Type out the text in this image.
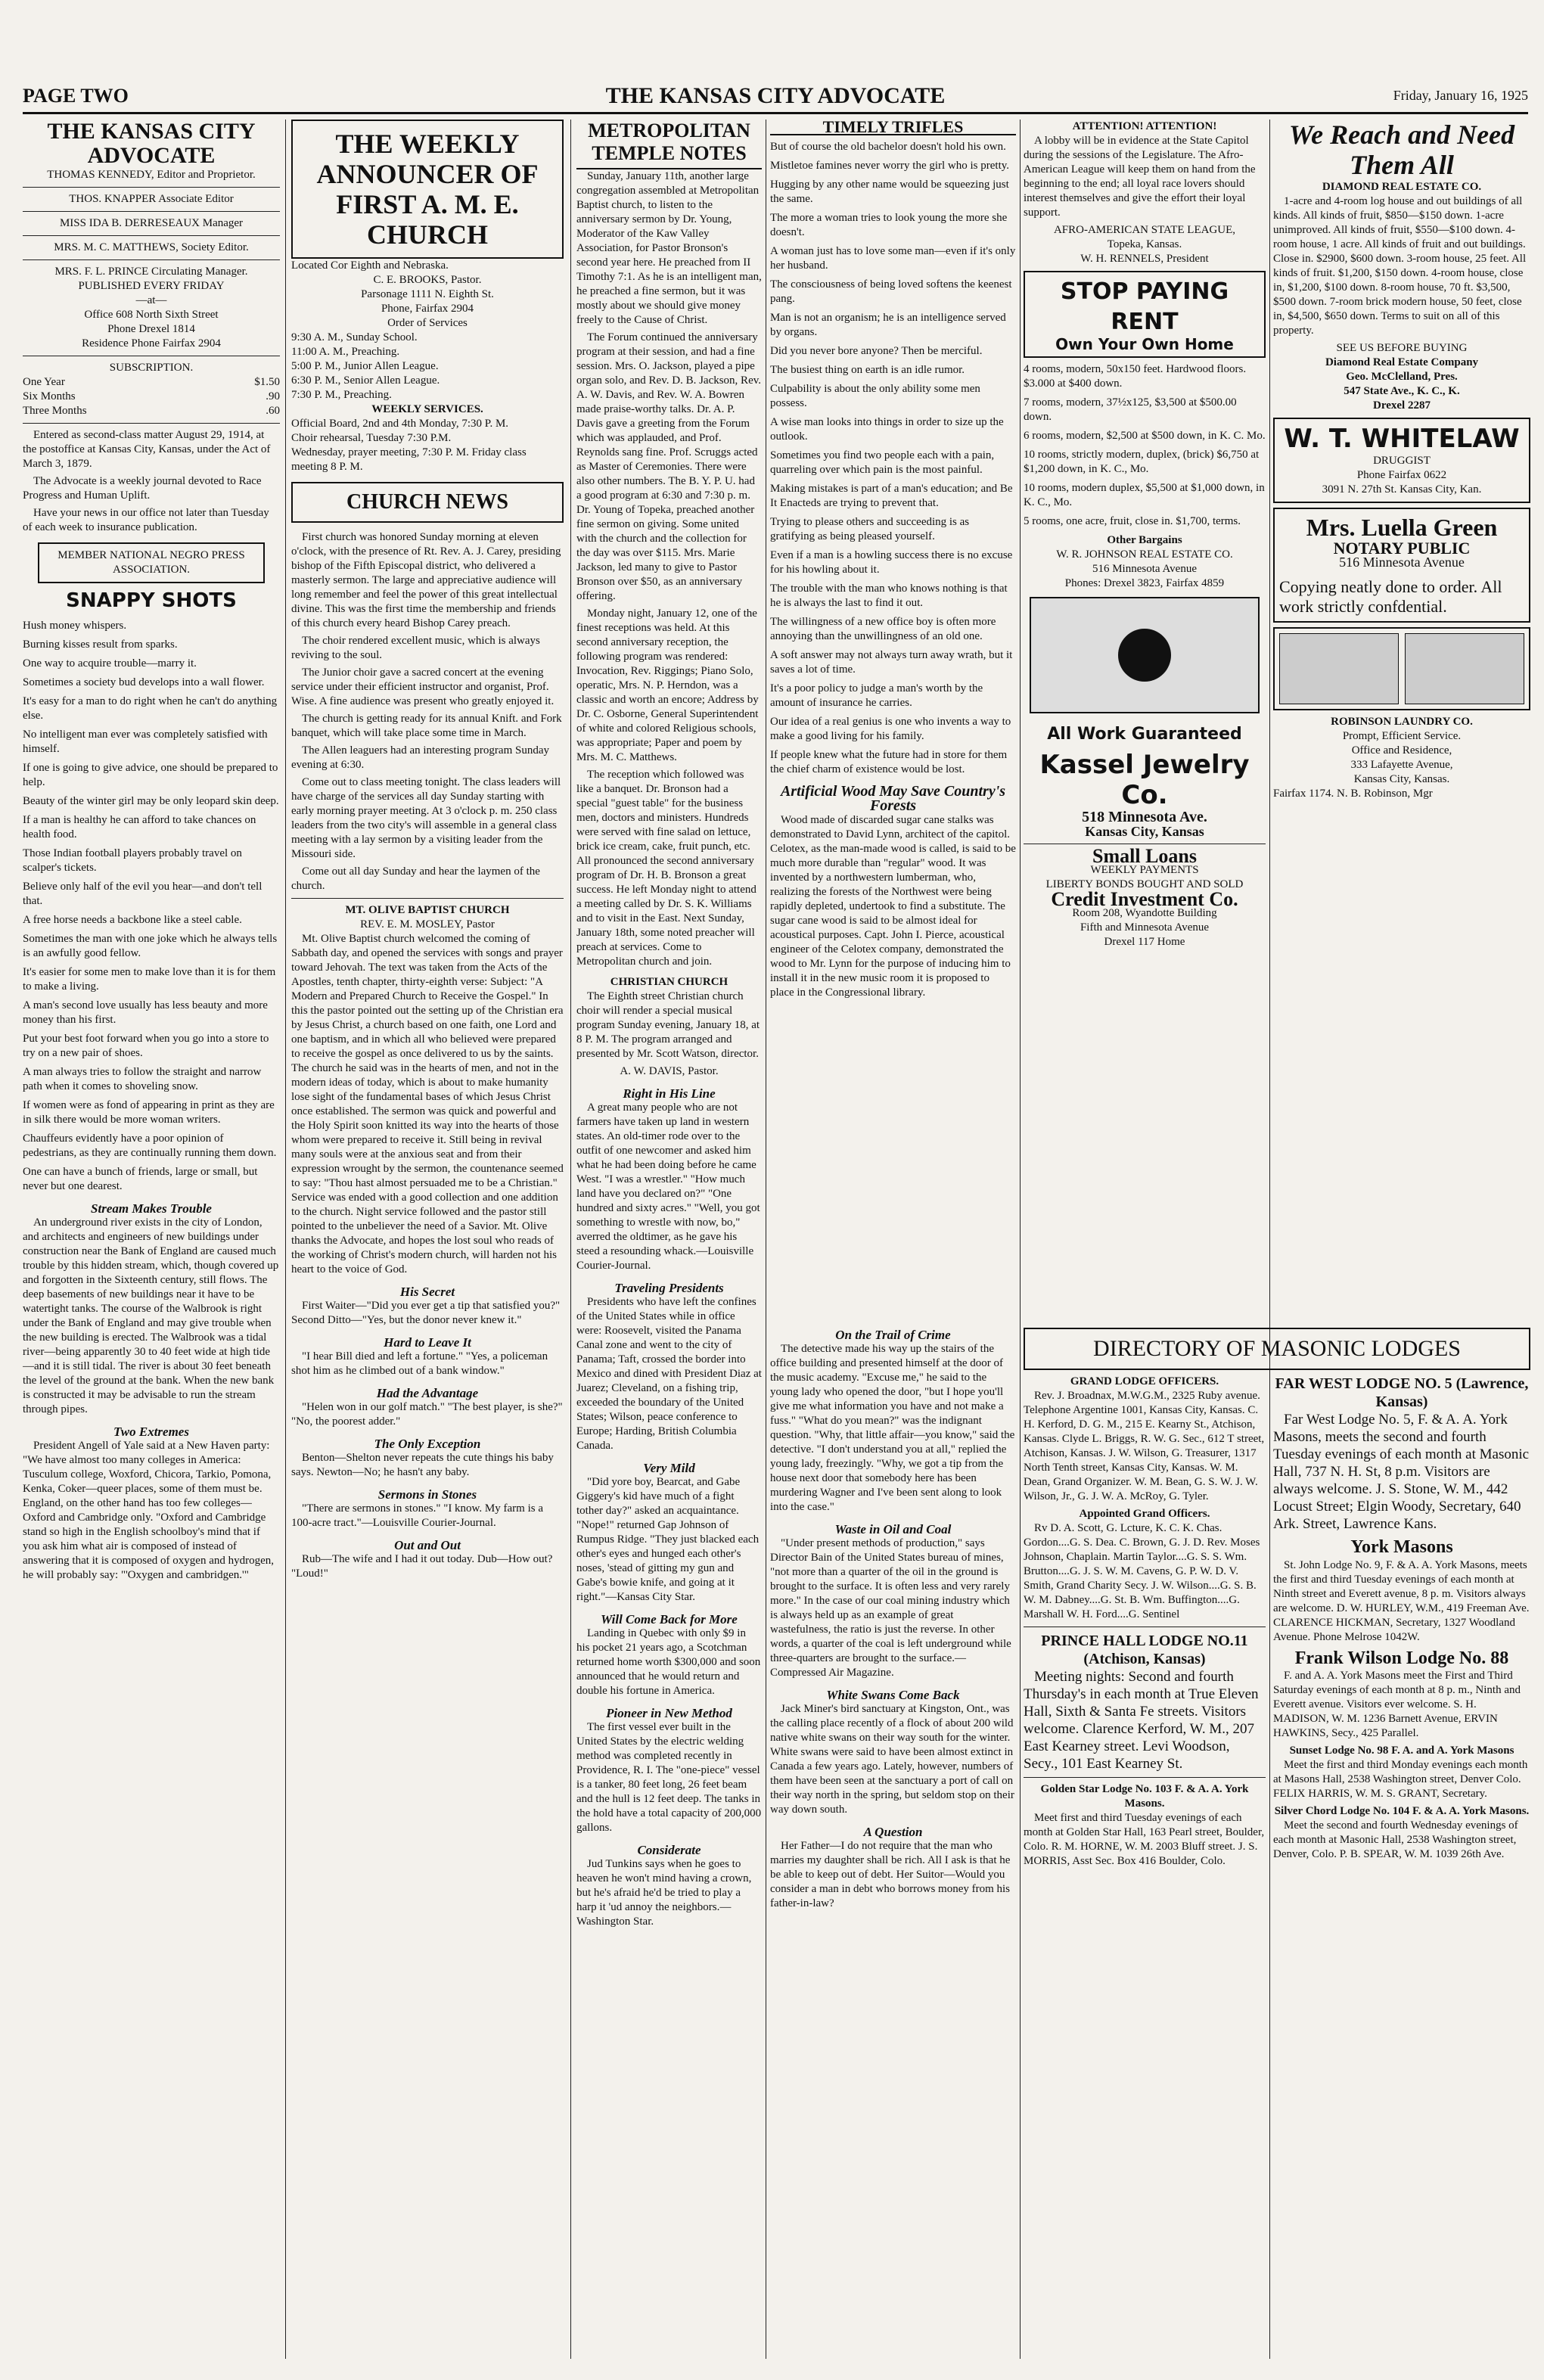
PAGE TWO	THE KANSAS CITY ADVOCATE	Friday, January 16, 1925
THE KANSAS CITY ADVOCATE
THOMAS KENNEDY, Editor and Proprietor.
THOS. KNAPPER Associate Editor
MISS IDA B. DERRESEAUX Manager
MRS. M. C. MATTHEWS, Society Editor.
MRS. F. L. PRINCE Circulating Manager.
PUBLISHED EVERY FRIDAY
—at—
Office 608 North Sixth Street
Phone Drexel 1814
Residence Phone Fairfax 2904
SUBSCRIPTION.
One Year	$1.50
Six Months	.90
Three Months	.60

Entered as second-class matter August 29, 1914, at the postoffice at Kansas City, Kansas, under the Act of March 3, 1879.

The Advocate is a weekly journal devoted to Race Progress and Human Uplift.

Have your news in our office not later than Tuesday of each week to insurance publication.

MEMBER NATIONAL NEGRO PRESS ASSOCIATION.
SNAPPY SHOTS
Hush money whispers.
Burning kisses result from sparks.
One way to acquire trouble—marry it.
Sometimes a society bud develops into a wall flower.
It's easy for a man to do right when he can't do anything else.
No intelligent man ever was completely satisfied with himself.
If one is going to give advice, one should be prepared to help.
Beauty of the winter girl may be only leopard skin deep.
If a man is healthy he can afford to take chances on health food.
Those Indian football players probably travel on scalper's tickets.
Believe only half of the evil you hear—and don't tell that.
A free horse needs a backbone like a steel cable.
Sometimes the man with one joke which he always tells is an awfully good fellow.
It's easier for some men to make love than it is for them to make a living.
A man's second love usually has less beauty and more money than his first.
Put your best foot forward when you go into a store to try on a new pair of shoes.
A man always tries to follow the straight and narrow path when it comes to shoveling snow.
If women were as fond of appearing in print as they are in silk there would be more woman writers.
Chauffeurs evidently have a poor opinion of pedestrians, as they are continually running them down.
One can have a bunch of friends, large or small, but never but one dearest.
Stream Makes Trouble

An underground river exists in the city of London, and architects and engineers of new buildings under construction near the Bank of England are caused much trouble by this hidden stream, which, though covered up and forgotten in the Sixteenth century, still flows. The deep basements of new buildings near it have to be watertight tanks. The course of the Walbrook is right under the Bank of England and may give trouble when the new building is erected. The Walbrook was a tidal river—being apparently 30 to 40 feet wide at high tide—and it is still tidal. The river is about 30 feet beneath the level of the ground at the bank. When the new bank is constructed it may be advisable to run the stream through pipes.

Two Extremes

President Angell of Yale said at a New Haven party: "We have almost too many colleges in America: Tusculum college, Woxford, Chicora, Tarkio, Pomona, Kenka, Coker—queer places, some of them must be. England, on the other hand has too few colleges—Oxford and Cambridge only. "Oxford and Cambridge stand so high in the English schoolboy's mind that if you ask him what air is composed of instead of answering that it is composed of oxygen and hydrogen, he will probably say: "'Oxygen and cambridgen.'"

THE WEEKLY ANNOUNCER OF FIRST A. M. E. CHURCH
Located Cor Eighth and Nebraska.
C. E. BROOKS, Pastor.
Parsonage 1111 N. Eighth St.
Phone, Fairfax 2904
Order of Services
9:30 A. M., Sunday School.
11:00 A. M., Preaching.
5:00 P. M., Junior Allen League.
6:30 P. M., Senior Allen League.
7:30 P. M., Preaching.
WEEKLY SERVICES.
Official Board, 2nd and 4th Monday, 7:30 P. M.
Choir rehearsal, Tuesday 7:30 P.M.
Wednesday, prayer meeting, 7:30 P. M. Friday class meeting 8 P. M.
CHURCH NEWS

First church was honored Sunday morning at eleven o'clock, with the presence of Rt. Rev. A. J. Carey, presiding bishop of the Fifth Episcopal district, who delivered a masterly sermon. The large and appreciative audience will long remember and feel the power of this great intellectual divine. This was the first time the membership and friends of this church every heard Bishop Carey preach.

The choir rendered excellent music, which is always reviving to the soul.

The Junior choir gave a sacred concert at the evening service under their efficient instructor and organist, Prof. Wise. A fine audience was present who greatly enjoyed it.

The church is getting ready for its annual Knift. and Fork banquet, which will take place some time in March.

The Allen leaguers had an interesting program Sunday evening at 6:30.

Come out to class meeting tonight. The class leaders will have charge of the services all day Sunday starting with early morning prayer meeting. At 3 o'clock p. m. 250 class leaders from the two city's will assemble in a general class meeting with a lay sermon by a visiting leader from the Missouri side.

Come out all day Sunday and hear the laymen of the church.

MT. OLIVE BAPTIST CHURCH
REV. E. M. MOSLEY, Pastor

Mt. Olive Baptist church welcomed the coming of Sabbath day, and opened the services with songs and prayer toward Jehovah. The text was taken from the Acts of the Apostles, tenth chapter, thirty-eighth verse: Subject: "A Modern and Prepared Church to Receive the Gospel." In this the pastor pointed out the setting up of the Christian era by Jesus Christ, a church based on one faith, one Lord and one baptism, and in which all who believed were prepared to receive the gospel as once delivered to us by the saints. The church he said was in the hearts of men, and not in the modern ideas of today, which is about to make humanity lose sight of the fundamental bases of which Jesus Christ once established. The sermon was quick and powerful and the Holy Spirit soon knitted its way into the hearts of those whom were prepared to receive it. Still being in revival many souls were at the anxious seat and from their expression wrought by the sermon, the countenance seemed to say: "Thou hast almost persuaded me to be a Christian." Service was ended with a good collection and one addition to the church. Night service followed and the pastor still pointed to the unbeliever the need of a Savior. Mt. Olive thanks the Advocate, and hopes the lost soul who reads of the working of Christ's modern church, will harden not his heart to the voice of God.

His Secret

First Waiter—"Did you ever get a tip that satisfied you?" Second Ditto—"Yes, but the donor never knew it."

Hard to Leave It

"I hear Bill died and left a fortune." "Yes, a policeman shot him as he climbed out of a bank window."

Had the Advantage

"Helen won in our golf match." "The best player, is she?" "No, the poorest adder."

The Only Exception

Benton—Shelton never repeats the cute things his baby says. Newton—No; he hasn't any baby.

Sermons in Stones

"There are sermons in stones." "I know. My farm is a 100-acre tract."—Louisville Courier-Journal.

Out and Out

Rub—The wife and I had it out today. Dub—How out? "Loud!"

METROPOLITAN TEMPLE NOTES

Sunday, January 11th, another large congregation assembled at Metropolitan Baptist church, to listen to the anniversary sermon by Dr. Young, Moderator of the Kaw Valley Association, for Pastor Bronson's second year here. He preached from II Timothy 7:1. As he is an intelligent man, he preached a fine sermon, but it was mostly about we should give money freely to the Cause of Christ.

The Forum continued the anniversary program at their session, and had a fine session. Mrs. O. Jackson, played a pipe organ solo, and Rev. D. B. Jackson, Rev. A. W. Davis, and Rev. W. A. Bowren made praise-worthy talks. Dr. A. P. Davis gave a greeting from the Forum which was applauded, and Prof. Reynolds sang fine. Prof. Scruggs acted as Master of Ceremonies. There were also other numbers. The B. Y. P. U. had a good program at 6:30 and 7:30 p. m. Dr. Young of Topeka, preached another fine sermon on giving. Some united with the church and the collection for the day was over $115. Mrs. Marie Jackson, led many to give to Pastor Bronson over $50, as an anniversary offering.

Monday night, January 12, one of the finest receptions was held. At this second anniversary reception, the following program was rendered: Invocation, Rev. Riggings; Piano Solo, operatic, Mrs. N. P. Herndon, was a classic and worth an encore; Address by Dr. C. Osborne, General Superintendent of white and colored Religious schools, was appropriate; Paper and poem by Mrs. M. C. Matthews.

The reception which followed was like a banquet. Dr. Bronson had a special "guest table" for the business men, doctors and ministers. Hundreds were served with fine salad on lettuce, brick ice cream, cake, fruit punch, etc. All pronounced the second anniversary program of Dr. H. B. Bronson a great success. He left Monday night to attend a meeting called by Dr. S. K. Williams and to visit in the East. Next Sunday, January 18th, some noted preacher will preach at services. Come to Metropolitan church and join.

CHRISTIAN CHURCH

The Eighth street Christian church choir will render a special musical program Sunday evening, January 18, at 8 P. M. The program arranged and presented by Mr. Scott Watson, director.

A. W. DAVIS, Pastor.
Right in His Line

A great many people who are not farmers have taken up land in western states. An old-timer rode over to the outfit of one newcomer and asked him what he had been doing before he came West. "I was a wrestler." "How much land have you declared on?" "One hundred and sixty acres." "Well, you got something to wrestle with now, bo," averred the oldtimer, as he gave his steed a resounding whack.—Louisville Courier-Journal.

Traveling Presidents

Presidents who have left the confines of the United States while in office were: Roosevelt, visited the Panama Canal zone and went to the city of Panama; Taft, crossed the border into Mexico and dined with President Diaz at Juarez; Cleveland, on a fishing trip, exceeded the boundary of the United States; Wilson, peace conference to Europe; Harding, British Columbia Canada.

Very Mild

"Did yore boy, Bearcat, and Gabe Giggery's kid have much of a fight tother day?" asked an acquaintance. "Nope!" returned Gap Johnson of Rumpus Ridge. "They just blacked each other's eyes and hunged each other's noses, 'stead of gitting my gun and Gabe's bowie knife, and going at it right."—Kansas City Star.

Will Come Back for More

Landing in Quebec with only $9 in his pocket 21 years ago, a Scotchman returned home worth $300,000 and soon announced that he would return and double his fortune in America.

Pioneer in New Method

The first vessel ever built in the United States by the electric welding method was completed recently in Providence, R. I. The "one-piece" vessel is a tanker, 80 feet long, 26 feet beam and the hull is 12 feet deep. The tanks in the hold have a total capacity of 200,000 gallons.

Considerate

Jud Tunkins says when he goes to heaven he won't mind having a crown, but he's afraid he'd be tried to play a harp it 'ud annoy the neighbors.—Washington Star.

TIMELY TRIFLES
But of course the old bachelor doesn't hold his own.
Mistletoe famines never worry the girl who is pretty.
Hugging by any other name would be squeezing just the same.
The more a woman tries to look young the more she doesn't.
A woman just has to love some man—even if it's only her husband.
The consciousness of being loved softens the keenest pang.
Man is not an organism; he is an intelligence served by organs.
Did you never bore anyone? Then be merciful.
The busiest thing on earth is an idle rumor.
Culpability is about the only ability some men possess.
A wise man looks into things in order to size up the outlook.
Sometimes you find two people each with a pain, quarreling over which pain is the most painful.
Making mistakes is part of a man's education; and Be It Enacteds are trying to prevent that.
Trying to please others and succeeding is as gratifying as being pleased yourself.
Even if a man is a howling success there is no excuse for his howling about it.
The trouble with the man who knows nothing is that he is always the last to find it out.
The willingness of a new office boy is often more annoying than the unwillingness of an old one.
A soft answer may not always turn away wrath, but it saves a lot of time.
It's a poor policy to judge a man's worth by the amount of insurance he carries.
Our idea of a real genius is one who invents a way to make a good living for his family.
If people knew what the future had in store for them the chief charm of existence would be lost.
Artificial Wood May Save Country's Forests

Wood made of discarded sugar cane stalks was demonstrated to David Lynn, architect of the capitol. Celotex, as the man-made wood is called, is said to be much more durable than "regular" wood. It was invented by a northwestern lumberman, who, realizing the forests of the Northwest were being rapidly depleted, undertook to find a substitute. The sugar cane wood is said to be almost ideal for acoustical purposes. Capt. John I. Pierce, acoustical engineer of the Celotex company, demonstrated the wood to Mr. Lynn for the purpose of inducing him to install it in the new music room it is proposed to place in the Congressional library.

ATTENTION! ATTENTION!

A lobby will be in evidence at the State Capitol during the sessions of the Legislature. The Afro-American League will keep them on hand from the beginning to the end; all loyal race lovers should interest themselves and give the effort their loyal support.

AFRO-AMERICAN STATE LEAGUE,
Topeka, Kansas.
W. H. RENNELS, President
STOP PAYING RENT
Own Your Own Home
4 rooms, modern, 50x150 feet. Hardwood floors. $3.000 at $400 down.
7 rooms, modern, 37½x125, $3,500 at $500.00 down.
6 rooms, modern, $2,500 at $500 down, in K. C. Mo.
10 rooms, strictly modern, duplex, (brick) $6,750 at $1,200 down, in K. C., Mo.
10 rooms, modern duplex, $5,500 at $1,000 down, in K. C., Mo.
5 rooms, one acre, fruit, close in. $1,700, terms.
Other Bargains
W. R. JOHNSON REAL ESTATE CO.
516 Minnesota Avenue
Phones: Drexel 3823, Fairfax 4859
All Work Guaranteed
Kassel Jewelry Co.
518 Minnesota Ave.
Kansas City, Kansas
Small Loans
WEEKLY PAYMENTS
LIBERTY BONDS BOUGHT AND SOLD
Credit Investment Co.
Room 208, Wyandotte Building
Fifth and Minnesota Avenue
Drexel 117 Home
We Reach and Need Them All
DIAMOND REAL ESTATE CO.

1-acre and 4-room log house and out buildings of all kinds. All kinds of fruit, $850—$150 down. 1-acre unimproved. All kinds of fruit, $550—$100 down. 4-room house, 1 acre. All kinds of fruit and out buildings. Close in. $2900, $600 down. 3-room house, 25 feet. All kinds of fruit. $1,200, $150 down. 4-room house, close in, $1,200, $100 down. 8-room house, 70 ft. $3,500, $500 down. 7-room brick modern house, 50 feet, close in, $4,500, $650 down. Terms to suit on all of this property.

SEE US BEFORE BUYING
Diamond Real Estate Company
Geo. McClelland, Pres.
547 State Ave., K. C., K.
Drexel 2287
W. T. WHITELAW
DRUGGIST
Phone Fairfax 0622
3091 N. 27th St. Kansas City, Kan.
Mrs. Luella Green
NOTARY PUBLIC
516 Minnesota Avenue
Copying neatly done to order. All work strictly confdential.
ROBINSON LAUNDRY CO.
Prompt, Efficient Service.
Office and Residence,
333 Lafayette Avenue,
Kansas City, Kansas.
Fairfax 1174. N. B. Robinson, Mgr
On the Trail of Crime

The detective made his way up the stairs of the office building and presented himself at the door of the music academy. "Excuse me," he said to the young lady who opened the door, "but I hope you'll give me what information you have and not make a fuss." "What do you mean?" was the indignant question. "Why, that little affair—you know," said the detective. "I don't understand you at all," replied the young lady, freezingly. "Why, we got a tip from the house next door that somebody here has been murdering Wagner and I've been sent along to look into the case."

Waste in Oil and Coal

"Under present methods of production," says Director Bain of the United States bureau of mines, "not more than a quarter of the oil in the ground is brought to the surface. It is often less and very rarely more." In the case of our coal mining industry which is always held up as an example of great wastefulness, the ratio is just the reverse. In other words, a quarter of the coal is left underground while three-quarters are brought to the surface.—Compressed Air Magazine.

White Swans Come Back

Jack Miner's bird sanctuary at Kingston, Ont., was the calling place recently of a flock of about 200 wild native white swans on their way south for the winter. White swans were said to have been almost extinct in Canada a few years ago. Lately, however, numbers of them have been seen at the sanctuary a port of call on their way north in the spring, but seldom stop on their way down south.

A Question

Her Father—I do not require that the man who marries my daughter shall be rich. All I ask is that he be able to keep out of debt. Her Suitor—Would you consider a man in debt who borrows money from his father-in-law?

DIRECTORY OF MASONIC LODGES
GRAND LODGE OFFICERS.

Rev. J. Broadnax, M.W.G.M., 2325 Ruby avenue. Telephone Argentine 1001, Kansas City, Kansas. C. H. Kerford, D. G. M., 215 E. Kearny St., Atchison, Kansas. Clyde L. Briggs, R. W. G. Sec., 612 T street, Atchison, Kansas. J. W. Wilson, G. Treasurer, 1317 North Tenth street, Kansas City, Kansas. W. M. Dean, Grand Organizer. W. M. Bean, G. S. W. J. W. Wilson, Jr., G. J. W. A. McRoy, G. Tyler.

Appointed Grand Officers.

Rv D. A. Scott, G. Lcture, K. C. K. Chas. Gordon....G. S. Dea. C. Brown, G. J. D. Rev. Moses Johnson, Chaplain. Martin Taylor....G. S. S. Wm. Brutton....G. J. S. W. M. Cavens, G. P. W. D. V. Smith, Grand Charity Secy. J. W. Wilson....G. S. B. W. M. Dabney....G. St. B. Wm. Buffington....G. Marshall W. H. Ford....G. Sentinel

PRINCE HALL LODGE NO.11 (Atchison, Kansas)

Meeting nights: Second and fourth Thursday's in each month at True Eleven Hall, Sixth & Santa Fe streets. Visitors welcome. Clarence Kerford, W. M., 207 East Kearney street. Levi Woodson, Secy., 101 East Kearney St.

Golden Star Lodge No. 103 F. & A. A. York Masons.

Meet first and third Tuesday evenings of each month at Golden Star Hall, 163 Pearl street, Boulder, Colo. R. M. HORNE, W. M. 2003 Bluff street. J. S. MORRIS, Asst Sec. Box 416 Boulder, Colo.

FAR WEST LODGE NO. 5 (Lawrence, Kansas)

Far West Lodge No. 5, F. & A. A. York Masons, meets the second and fourth Tuesday evenings of each month at Masonic Hall, 737 N. H. St, 8 p.m. Visitors are always welcome. J. S. Stone, W. M., 442 Locust Street; Elgin Woody, Secretary, 640 Ark. Street, Lawrence Kans.

York Masons

St. John Lodge No. 9, F. & A. A. York Masons, meets the first and third Tuesday evenings of each month at Ninth street and Everett avenue, 8 p. m. Visitors always are welcome. D. W. HURLEY, W.M., 419 Freeman Ave. CLARENCE HICKMAN, Secretary, 1327 Woodland Avenue. Phone Melrose 1042W.

Frank Wilson Lodge No. 88

F. and A. A. York Masons meet the First and Third Saturday evenings of each month at 8 p. m., Ninth and Everett avenue. Visitors ever welcome. S. H. MADISON, W. M. 1236 Barnett Avenue, ERVIN HAWKINS, Secy., 425 Parallel.

Sunset Lodge No. 98 F. A. and A. York Masons

Meet the first and third Monday evenings each month at Masons Hall, 2538 Washington street, Denver Colo. FELIX HARRIS, W. M. S. GRANT, Secretary.

Silver Chord Lodge No. 104 F. & A. A. York Masons.

Meet the second and fourth Wednesday evenings of each month at Masonic Hall, 2538 Washington street, Denver, Colo. P. B. SPEAR, W. M. 1039 26th Ave.
